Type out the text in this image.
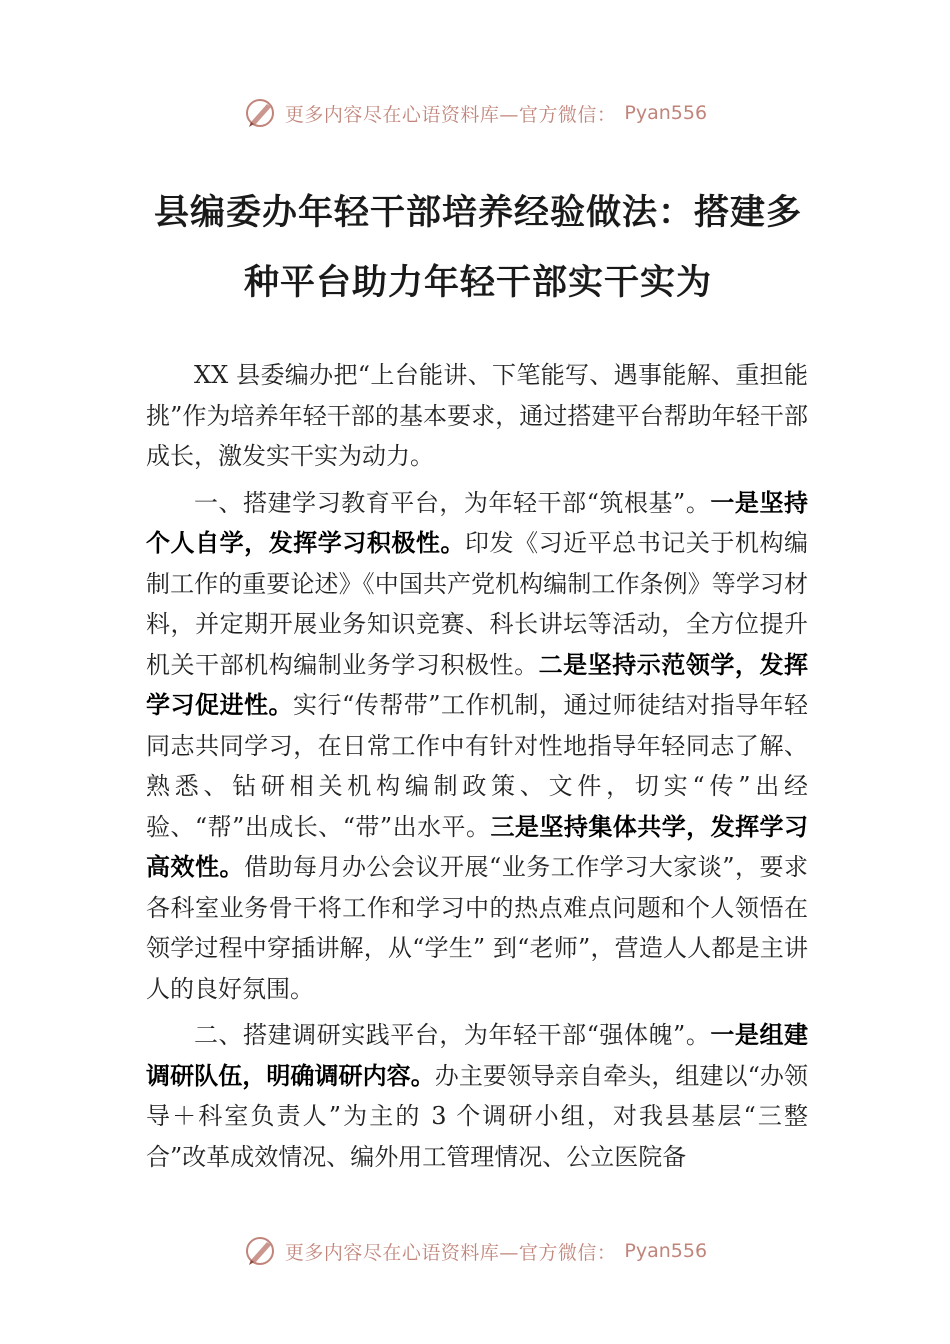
更多内容尽在心语资料库—官方微信： Pyan556
县编委办年轻干部培养经验做法：搭建多
种平台助力年轻干部实干实为

XX 县委编办把“上台能讲、下笔能写、遇事能解、重担能挑”作为培养年轻干部的基本要求，通过搭建平台帮助年轻干部成长，激发实干实为动力。

一、搭建学习教育平台，为年轻干部“筑根基”。一是坚持个人自学，发挥学习积极性。印发《习近平总书记关于机构编制工作的重要论述》《中国共产党机构编制工作条例》等学习材料，并定期开展业务知识竞赛、科长讲坛等活动，全方位提升机关干部机构编制业务学习积极性。二是坚持示范领学，发挥学习促进性。实行“传帮带”工作机制，通过师徒结对指导年轻同志共同学习，在日常工作中有针对性地指导年轻同志了解、熟悉、钻研相关机构编制政策、文件，切实“传”出经验、“帮”出成长、“带”出水平。三是坚持集体共学，发挥学习高效性。借助每月办公会议开展“业务工作学习大家谈”，要求各科室业务骨干将工作和学习中的热点难点问题和个人领悟在领学过程中穿插讲解，从“学生” 到“老师”，营造人人都是主讲人的良好氛围。

二、搭建调研实践平台，为年轻干部“强体魄”。一是组建调研队伍，明确调研内容。办主要领导亲自牵头，组建以“办领导＋科室负责人”为主的 3 个调研小组，对我县基层“三整合”改革成效情况、编外用工管理情况、公立医院备

更多内容尽在心语资料库—官方微信： Pyan556
